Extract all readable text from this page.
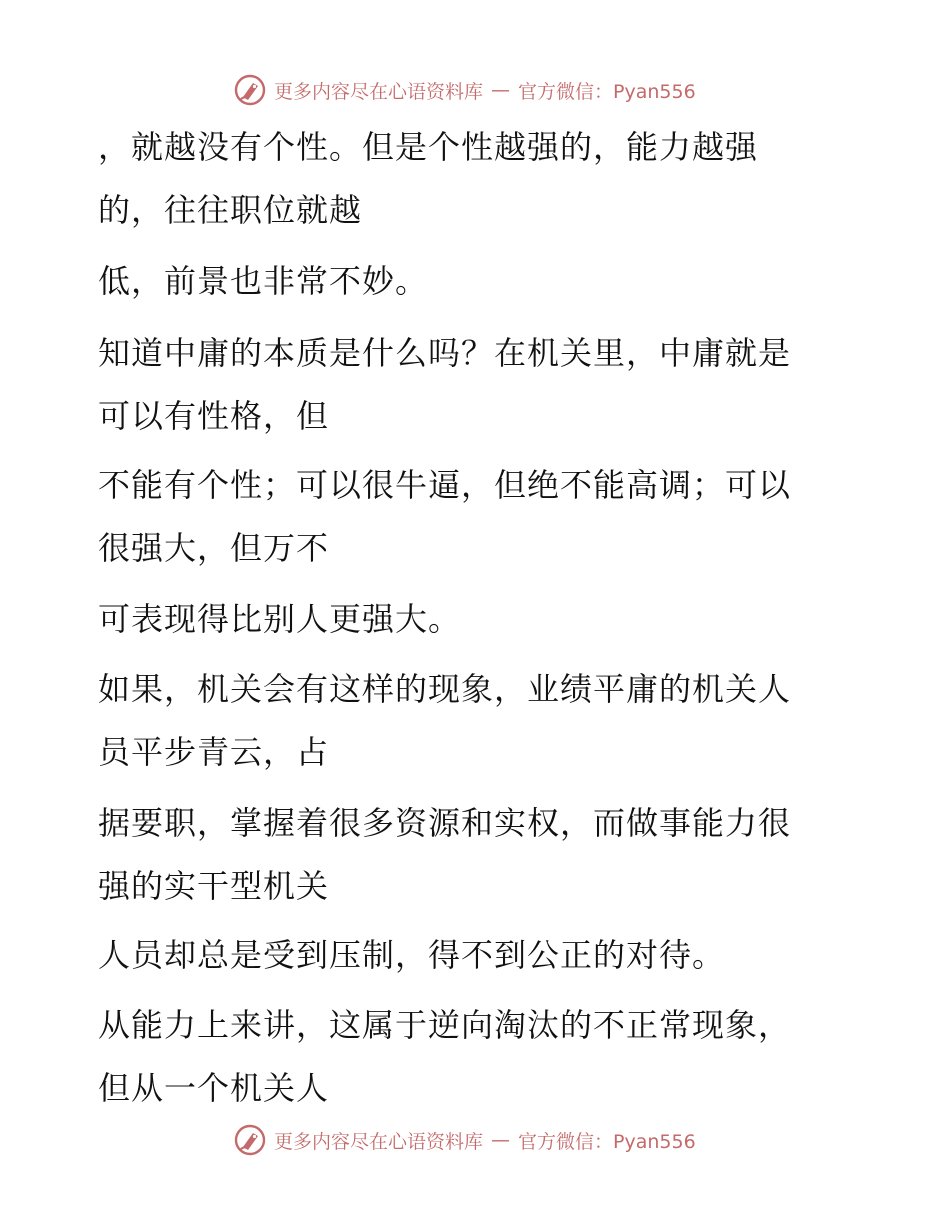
更多内容尽在心语资料库 — 官方微信：Pyan556
，就越没有个性。但是个性越强的，能力越强
的，往往职位就越
低，前景也非常不妙。
知道中庸的本质是什么吗？在机关里，中庸就是
可以有性格，但
不能有个性；可以很牛逼，但绝不能高调；可以
很强大，但万不
可表现得比别人更强大。
如果，机关会有这样的现象，业绩平庸的机关人
员平步青云，占
据要职，掌握着很多资源和实权，而做事能力很
强的实干型机关
人员却总是受到压制，得不到公正的对待。
从能力上来讲，这属于逆向淘汰的不正常现象，
但从一个机关人
更多内容尽在心语资料库 — 官方微信：Pyan556
